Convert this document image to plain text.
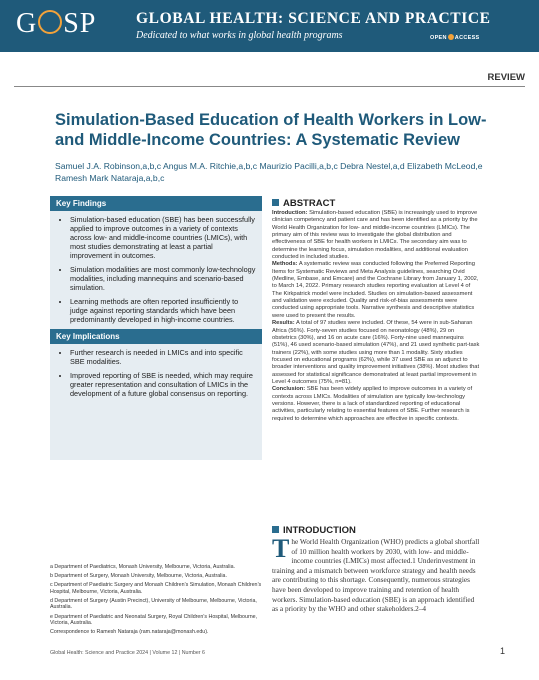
G SP	GLOBAL HEALTH: SCIENCE AND PRACTICE
Dedicated to what works in global health programs	OPEN ACCESS
REVIEW
Simulation-Based Education of Health Workers in Low- and Middle-Income Countries: A Systematic Review
Samuel J.A. Robinson,a,b,c Angus M.A. Ritchie,a,b,c Maurizio Pacilli,a,b,c Debra Nestel,a,d Elizabeth McLeod,e Ramesh Mark Nataraja,a,b,c
Key Findings
• Simulation-based education (SBE) has been successfully applied to improve outcomes in a variety of contexts across low- and middle-income countries (LMICs), with most studies demonstrating at least a partial improvement in outcomes.
• Simulation modalities are most commonly low-technology modalities, including mannequins and scenario-based simulation.
• Learning methods are often reported insufficiently to judge against reporting standards which have been predominantly developed in high-income countries.
Key Implications
• Further research is needed in LMICs and into specific SBE modalities.
• Improved reporting of SBE is needed, which may require greater representation and consultation of LMICs in the development of a future global consensus on reporting.
ABSTRACT

Introduction: Simulation-based education (SBE) is increasingly used to improve clinician competency and patient care and has been identified as a priority by the World Health Organization for low- and middle-income countries (LMICs). The primary aim of this review was to investigate the global distribution and effectiveness of SBE for health workers in LMICs. The secondary aim was to determine the learning focus, simulation modalities, and additional evaluation conducted in included studies.

Methods: A systematic review was conducted following the Preferred Reporting Items for Systematic Reviews and Meta Analysis guidelines, searching Ovid (Medline, Embase, and Emcare) and the Cochrane Library from January 1, 2002, to March 14, 2022. Primary research studies reporting evaluation at Level 4 of The Kirkpatrick model were included. Studies on simulation-based assessment and validation were excluded. Quality and risk-of-bias assessments were conducted using appropriate tools. Narrative synthesis and descriptive statistics were used to present the results.

Results: A total of 97 studies were included. Of these, 54 were in sub-Saharan Africa (56%). Forty-seven studies focused on neonatology (48%), 29 on obstetrics (30%), and 16 on acute care (16%). Forty-nine used mannequins (51%), 46 used scenario-based simulation (47%), and 21 used synthetic part-task trainers (22%), with some studies using more than 1 modality. Sixty studies focused on educational programs (62%), while 37 used SBE as an adjunct to broader interventions and quality improvement initiatives (38%). Most studies that assessed for statistical significance demonstrated at least partial improvement in Level 4 outcomes (75%, n=81).

Conclusion: SBE has been widely applied to improve outcomes in a variety of contexts across LMICs. Modalities of simulation are typically low-technology versions. However, there is a lack of standardized reporting of educational activities, particularly relating to essential features of SBE. Further research is required to determine which approaches are effective in specific contexts.

INTRODUCTION
The World Health Organization (WHO) predicts a global shortfall of 10 million health workers by 2030, with low- and middle-income countries (LMICs) most affected.1 Underinvestment in training and a mismatch between workforce strategy and health needs are contributing to this shortage. Consequently, numerous strategies have been developed to improve training and retention of health workers. Simulation-based education (SBE) is an approach identified as a priority by the WHO and other stakeholders.2–4
a Department of Paediatrics, Monash University, Melbourne, Victoria, Australia.
b Department of Surgery, Monash University, Melbourne, Victoria, Australia.
c Department of Paediatric Surgery and Monash Children’s Simulation, Monash Children’s Hospital, Melbourne, Victoria, Australia.
d Department of Surgery (Austin Precinct), University of Melbourne, Melbourne, Victoria, Australia.
e Department of Paediatric and Neonatal Surgery, Royal Children’s Hospital, Melbourne, Victoria, Australia.
Correspondence to Ramesh Nataraja (ram.nataraja@monash.edu).
Global Health: Science and Practice 2024 | Volume 12 | Number 6	1
